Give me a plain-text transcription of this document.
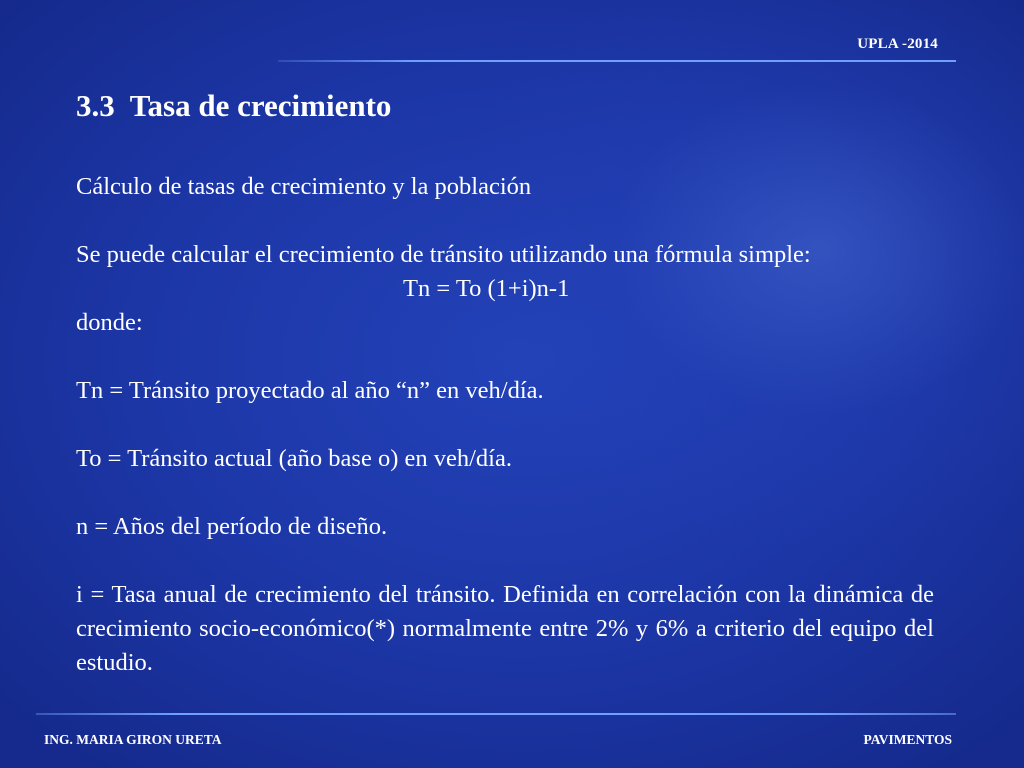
UPLA -2014
3.3  Tasa de crecimiento

Cálculo de tasas de crecimiento y la población

Se puede calcular el crecimiento de tránsito utilizando una fórmula simple:

Tn = To (1+i)n-1

donde:

Tn = Tránsito proyectado al año “n” en veh/día.

To = Tránsito actual (año base o) en veh/día.

n = Años del período de diseño.

i = Tasa anual de crecimiento del tránsito. Definida en correlación con la dinámica de crecimiento socio-económico(*) normalmente entre 2% y 6% a criterio del equipo del estudio.

ING. MARIA GIRON URETA	PAVIMENTOS
